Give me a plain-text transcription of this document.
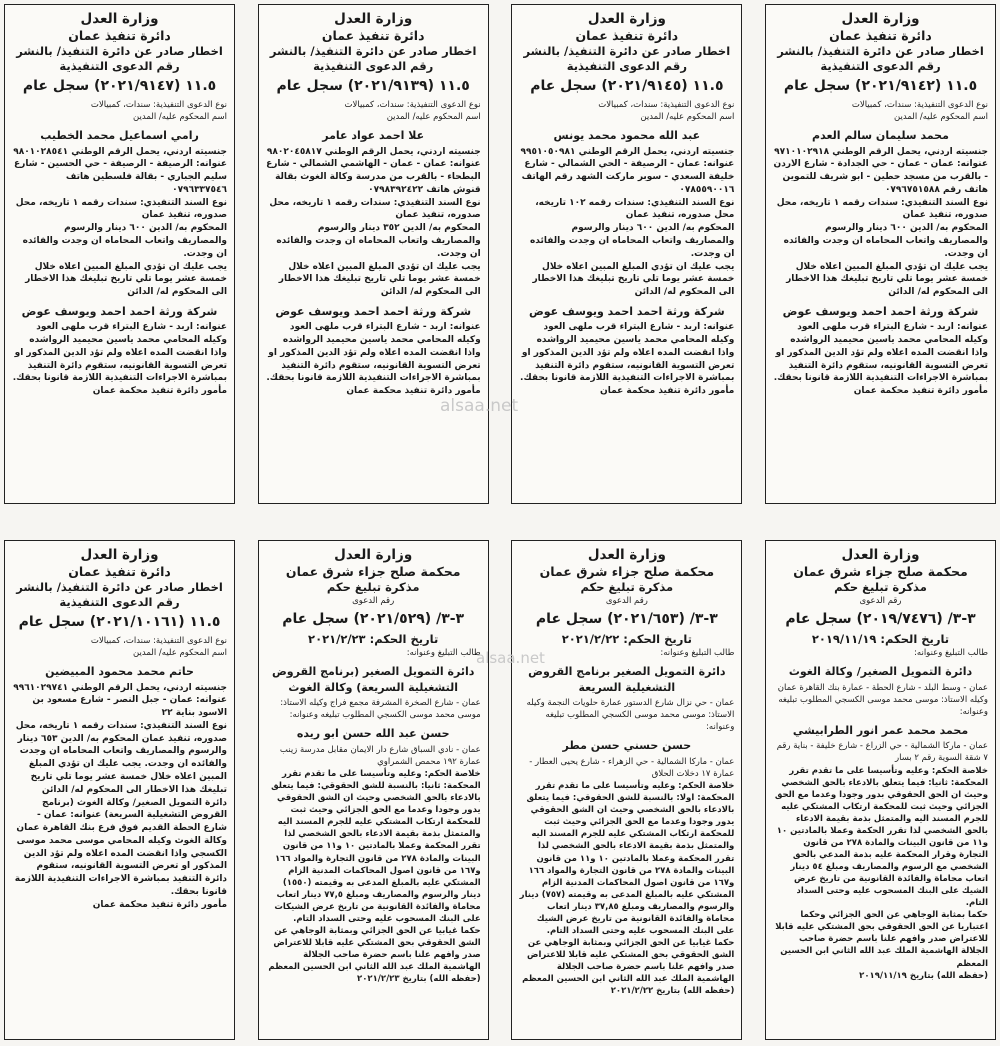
وزارة العدل
دائرة تنفيذ عمان
اخطار صادر عن دائرة التنفيذ/ بالنشر
رقم الدعوى التنفيذية
١١.٥ (٢٠٢١/٩١٤٢) سجل عام

نوع الدعوى التنفيذية: سندات، كمبيالات

اسم المحكوم عليه/ المدين

محمد سليمان سالم العدم

جنسيته اردني، يحمل الرقم الوطني ٩٧١٠١٠٢٩١٨ عنوانه: عمان - عمان - حي الجدادة - شارع الاردن - بالقرب من مسجد حطين - ابو شريف للتموين هاتف رقم ٠٧٩٦٧٥١٥٨٨

نوع السند التنفيذي: سندات رقمه ١ تاريخه، محل صدوره، تنفيذ عمان

المحكوم به/ الدين ٦٠٠ دينار والرسوم والمصاريف واتعاب المحاماه ان وجدت والفائده ان وجدت.

يجب عليك ان تؤدي المبلغ المبين اعلاه خلال خمسة عشر يوما تلي تاريخ تبليغك هذا الاخطار الى المحكوم له/ الدائن

شركة ورثة احمد احمد ويوسف عوض

عنوانه: اربد - شارع البتراء قرب ملهى العود

وكيله المحامي محمد ياسين محيميد الرواشده

واذا انقضت المده اعلاه ولم تؤد الدين المذكور او تعرض التسوية القانونيه، ستقوم دائرة التنفيذ بمباشرة الاجراءات التنفيذية اللازمة قانونا بحقك.

مأمور دائرة تنفيذ محكمة عمان

وزارة العدل
دائرة تنفيذ عمان
اخطار صادر عن دائرة التنفيذ/ بالنشر
رقم الدعوى التنفيذية
١١.٥ (٢٠٢١/٩١٤٥) سجل عام

نوع الدعوى التنفيذية: سندات، كمبيالات

اسم المحكوم عليه/ المدين

عبد الله محمود محمد يونس

جنسيته اردني، يحمل الرقم الوطني ٩٩٥١٠٥٠٩٨١ عنوانه: عمان - الرصيفة - الحي الشمالي - شارع خليفة السعدي - سوبر ماركت الشهد رقم الهاتف ٠٧٨٥٥٩٠٠١٦

نوع السند التنفيذي: سندات رقمه ١٠٢ تاريخه، محل صدوره، تنفيذ عمان

المحكوم به/ الدين ٦٠٠ دينار والرسوم والمصاريف واتعاب المحاماه ان وجدت والفائده ان وجدت.

يجب عليك ان تؤدي المبلغ المبين اعلاه خلال خمسة عشر يوما تلي تاريخ تبليغك هذا الاخطار الى المحكوم له/ الدائن

شركة ورثة احمد احمد ويوسف عوض

عنوانه: اربد - شارع البتراء قرب ملهى العود

وكيله المحامي محمد ياسين محيميد الرواشده

واذا انقضت المده اعلاه ولم تؤد الدين المذكور او تعرض التسوية القانونيه، ستقوم دائرة التنفيذ بمباشرة الاجراءات التنفيذية اللازمة قانونا بحقك.

مأمور دائرة تنفيذ محكمة عمان

وزارة العدل
دائرة تنفيذ عمان
اخطار صادر عن دائرة التنفيذ/ بالنشر
رقم الدعوى التنفيذية
١١.٥ (٢٠٢١/٩١٣٩) سجل عام

نوع الدعوى التنفيذية: سندات، كمبيالات

اسم المحكوم عليه/ المدين

علا احمد عواد عامر

جنسيته اردني، يحمل الرقم الوطني ٩٨٠٢٠٤٥٨١٧ عنوانه: عمان - عمان - الهاشمي الشمالي - شارع البطحاء - بالقرب من مدرسة وكالة الغوث بقالة قنوش هاتف ٠٧٩٨٣٩٢٤٢٢

نوع السند التنفيذي: سندات رقمه ١ تاريخه، محل صدوره، تنفيذ عمان

المحكوم به/ الدين ٣٥٢ دينار والرسوم والمصاريف واتعاب المحاماه ان وجدت والفائده ان وجدت.

يجب عليك ان تؤدي المبلغ المبين اعلاه خلال خمسة عشر يوما تلي تاريخ تبليغك هذا الاخطار الى المحكوم له/ الدائن

شركة ورثة احمد احمد ويوسف عوض

عنوانه: اربد - شارع البتراء قرب ملهى العود

وكيله المحامي محمد ياسين محيميد الرواشده

واذا انقضت المده اعلاه ولم تؤد الدين المذكور او تعرض التسوية القانونيه، ستقوم دائرة التنفيذ بمباشرة الاجراءات التنفيذية اللازمة قانونا بحقك.

مأمور دائرة تنفيذ محكمة عمان

وزارة العدل
دائرة تنفيذ عمان
اخطار صادر عن دائرة التنفيذ/ بالنشر
رقم الدعوى التنفيذية
١١.٥ (٢٠٢١/٩١٤٧) سجل عام

نوع الدعوى التنفيذية: سندات، كمبيالات

اسم المحكوم عليه/ المدين

رامي اسماعيل محمد الخطيب

جنسيته اردني، يحمل الرقم الوطني ٩٨٠١٠٢٨٥٤١ عنوانه: الرصيفة - الرصيفة - حي الحسين - شارع سليم الجباري - بقالة فلسطين هاتف ٠٧٩٦٣٣٧٥٤٦

نوع السند التنفيذي: سندات رقمه ١ تاريخه، محل صدوره، تنفيذ عمان

المحكوم به/ الدين ٦٠٠ دينار والرسوم والمصاريف واتعاب المحاماه ان وجدت والفائده ان وجدت.

يجب عليك ان تؤدي المبلغ المبين اعلاه خلال خمسة عشر يوما تلي تاريخ تبليغك هذا الاخطار الى المحكوم له/ الدائن

شركة ورثة احمد احمد ويوسف عوض

عنوانه: اربد - شارع البتراء قرب ملهى العود

وكيله المحامي محمد ياسين محيميد الرواشده

واذا انقضت المده اعلاه ولم تؤد الدين المذكور او تعرض التسوية القانونيه، ستقوم دائرة التنفيذ بمباشرة الاجراءات التنفيذية اللازمة قانونا بحقك.

مأمور دائرة تنفيذ محكمة عمان

وزارة العدل
محكمة صلح جزاء شرق عمان
مذكرة تبليغ حكم
رقم الدعوى
٣-٣/ (٢٠١٩/٧٤٧٦) سجل عام
تاريخ الحكم: ٢٠١٩/١١/١٩

طالب التبليغ وعنوانه:

دائرة التمويل الصغير/ وكالة الغوث

عمان - وسط البلد - شارع الحطة - عمارة بنك القاهرة عمان وكيله الاستاذ: موسى محمد موسى الكسجي المطلوب تبليغه وعنوانه:

محمد محمد عمر انور الطرابيشي

عمان - ماركا الشمالية - حي الزراع - شارع خليفة - بناية رقم ٧ شقة السوية رقم ٢ بسار

خلاصة الحكم: وعليه وتأسيسا على ما تقدم تقرر المحكمة: ثانيا: فيما يتعلق بالادعاء بالحق الشخصي وحيث ان الحق الحقوقي بدور وجودا وعدما مع الحق الجزائي وحيث ثبت للمحكمة ارتكاب المشتكي عليه للجرم المسند اليه والمتمثل بذمة بقيمة الادعاء بالحق الشخصي لذا تقرر الحكمة وعملا بالمادتين ١٠ و١١ من قانون البينات والمادة ٢٧٨ من قانون التجارة وقرار المحكمة عليه بذمة المدعي بالحق الشخصي مع الرسوم والمصاريف ومبلغ ٥٤ دينار اتعاب محاماة والفائدة القانونية من تاريخ عرض الشيك على البنك المسحوب عليه وحتى السداد التام.

حكما بمثابة الوجاهي عن الحق الجزائي وحكما اعتباريا عن الحق الحقوقي بحق المشتكي عليه قابلا للاعتراض صدر وافهم علنا باسم حضرة صاحب الجلالة الهاشمية الملك عبد الله الثاني ابن الحسين المعظم

(حفظه الله) بتاريخ ٢٠١٩/١١/١٩

وزارة العدل
محكمة صلح جزاء شرق عمان
مذكرة تبليغ حكم
رقم الدعوى
٣-٣/ (٢٠٢١/٦٥٣) سجل عام
تاريخ الحكم: ٢٠٢١/٢/٢٢

طالب التبليغ وعنوانه:

دائرة التمويل الصغير برنامج القروض التشغيلية السريعة

عمان - حي نزال شارع الدستور عمارة حلويات النجمة وكيله الاستاذ: موسى محمد موسى الكسجي المطلوب تبليغه وعنوانه:

حسن حسني حسن مطر

عمان - ماركا الشمالية - حي الزهراء - شارع يحيى العطار - عمارة ١٧ دخلات الحلاق

خلاصة الحكم: وعليه وتأسيسا على ما تقدم تقرر المحكمة: اولا: بالنسبة للشق الحقوقي: فيما يتعلق بالادعاء بالحق الشخصي وحيث ان الشق الحقوقي يدور وجودا وعدما مع الحق الجزائي وحيث ثبت للمحكمة ارتكاب المشتكي عليه للجرم المسند اليه والمتمثل بذمة بقيمة الادعاء بالحق الشخصي لذا تقرر المحكمة وعملا بالمادتين ١٠ و١١ من قانون البينات والمادة ٢٧٨ من قانون التجارة والمواد ١٦٦ و١٦٧ من قانون اصول المحاكمات المدنية الزام المشتكي عليه بالمبلغ المدعى به وقيمته (٧٥٧) دينار والرسوم والمصاريف ومبلغ ٣٧,٨٥ دينار اتعاب محاماة والفائدة القانونية من تاريخ عرض الشيك على البنك المسحوب عليه وحتى السداد التام.

حكما غيابيا عن الحق الجزائي وبمثابة الوجاهي عن الشق الحقوقي بحق المشتكي عليه قابلا للاعتراض صدر وافهم علنا باسم حضرة صاحب الجلالة الهاشمية الملك عبد الله الثاني ابن الحسين المعظم

(حفظه الله) بتاريخ ٢٠٢١/٢/٢٢

وزارة العدل
محكمة صلح جزاء شرق عمان
مذكرة تبليغ حكم
رقم الدعوى
٣-٣/ (٢٠٢١/٥٢٩) سجل عام
تاريخ الحكم: ٢٠٢١/٢/٢٣

طالب التبليغ وعنوانه:

دائرة التمويل الصغير (برنامج القروض التشغيلية السريعة) وكالة الغوث

عمان - شارع الصخرة المشرفة مجمع فراج وكيله الاستاذ: موسى محمد موسى الكسجي المطلوب تبليغه وعنوانه:

حسن عبد الله حسن ابو ريده

عمان - نادي السباق شارع دار الايمان مقابل مدرسة زينب عمارة ١٩٢ محمص الشمراوي

خلاصة الحكم: وعليه وتأسيسا على ما تقدم تقرر المحكمة: ثانيا: بالنسبة للشق الحقوقي: فيما يتعلق بالادعاء بالحق الشخصي وحيث ان الشق الحقوقي يدور وجودا وعدما مع الحق الجزائي وحيث ثبت للمحكمة ارتكاب المشتكي عليه للجرم المسند اليه والمتمثل بذمة بقيمة الادعاء بالحق الشخصي لذا تقرر المحكمة وعملا بالمادتين ١٠ و١١ من قانون البينات والمادة ٢٧٨ من قانون التجارة والمواد ١٦٦ و١٦٧ من قانون اصول المحاكمات المدنية الزام المشتكي عليه بالمبلغ المدعى به وقيمته (١٥٥٠) دينار والرسوم والمصاريف ومبلغ ٧٧,٥ دينار اتعاب محاماة والفائدة القانونية من تاريخ عرض الشيكات على البنك المسحوب عليه وحتى السداد التام.

حكما غيابيا عن الحق الجزائي وبمثابة الوجاهي عن الشق الحقوقي بحق المشتكي عليه قابلا للاعتراض صدر وافهم علنا باسم حضرة صاحب الجلالة الهاشمية الملك عبد الله الثاني ابن الحسين المعظم

(حفظه الله) بتاريخ ٢٠٢١/٢/٢٣

وزارة العدل
دائرة تنفيذ عمان
اخطار صادر عن دائرة التنفيذ/ بالنشر
رقم الدعوى التنفيذية
١١.٥ (٢٠٢١/١٠١٦١) سجل عام

نوع الدعوى التنفيذية: سندات، كمبيالات

اسم المحكوم عليه/ المدين

حاتم محمد محمود المبيضين

جنسيته اردني، يحمل الرقم الوطني ٩٩٦١٠٢٩٧٤١ عنوانه: عمان - جبل النصر - شارع مسعود بن الاسود بناية ٢٢

نوع السند التنفيذي: سندات رقمه ١ تاريخه، محل صدوره، تنفيذ عمان المحكوم به/ الدين ٦٥٣ دينار والرسوم والمصاريف واتعاب المحاماه ان وجدت والفائده ان وجدت. يجب عليك ان تؤدي المبلغ المبين اعلاه خلال خمسة عشر يوما تلي تاريخ تبليغك هذا الاخطار الى المحكوم له/ الدائن

دائرة التمويل الصغير/ وكالة الغوث (برنامج القروض التشغيلية السريعة) عنوانه: عمان - شارع الحطة القديم فوق فرع بنك القاهرة عمان وكالة الغوث وكيله المحامي موسى محمد موسى الكسجي واذا انقضت المده اعلاه ولم تؤد الدين المذكور او تعرض التسوية القانونيه، ستقوم دائرة التنفيذ بمباشرة الاجراءات التنفيذية اللازمة قانونا بحقك.

مأمور دائرة تنفيذ محكمة عمان

alsaa.net
alsaa.net
